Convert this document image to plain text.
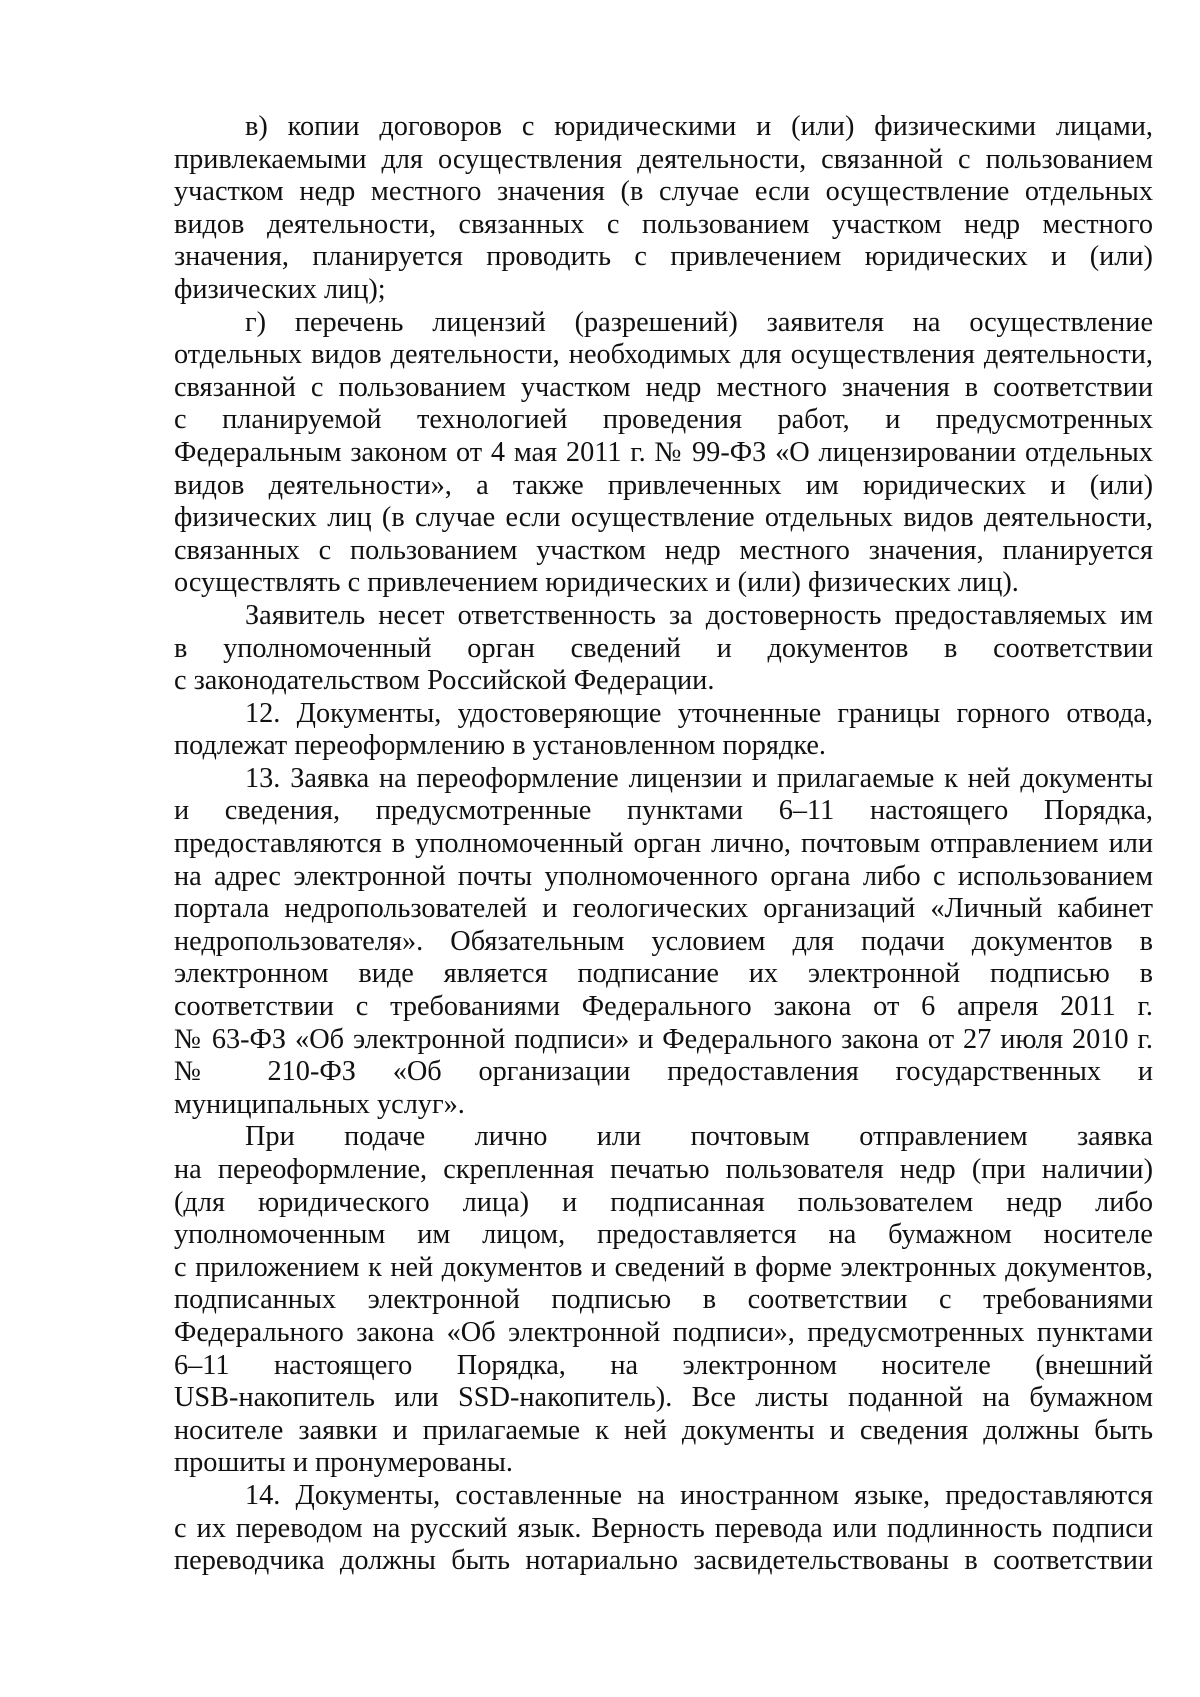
в) копии договоров с юридическими и (или) физическими лицами,
привлекаемыми для осуществления деятельности, связанной с пользованием
участком недр местного значения (в случае если осуществление отдельных
видов деятельности, связанных с пользованием участком недр местного
значения, планируется проводить с привлечением юридических и (или)
физических лиц);
г) перечень лицензий (разрешений) заявителя на осуществление
отдельных видов деятельности, необходимых для осуществления деятельности,
связанной с пользованием участком недр местного значения в соответствии
с планируемой технологией проведения работ, и предусмотренных
Федеральным законом от 4 мая 2011 г. № 99-ФЗ «О лицензировании отдельных
видов деятельности», а также привлеченных им юридических и (или)
физических лиц (в случае если осуществление отдельных видов деятельности,
связанных с пользованием участком недр местного значения, планируется
осуществлять с привлечением юридических и (или) физических лиц).
Заявитель несет ответственность за достоверность предоставляемых им
в уполномоченный орган сведений и документов в соответствии
с законодательством Российской Федерации.
12. Документы, удостоверяющие уточненные границы горного отвода,
подлежат переоформлению в установленном порядке.
13. Заявка на переоформление лицензии и прилагаемые к ней документы
и сведения, предусмотренные пунктами 6–11 настоящего Порядка,
предоставляются в уполномоченный орган лично, почтовым отправлением или
на адрес электронной почты уполномоченного органа либо с использованием
портала недропользователей и геологических организаций «Личный кабинет
недропользователя». Обязательным условием для подачи документов в
электронном виде является подписание их электронной подписью в
соответствии с требованиями Федерального закона от 6 апреля 2011 г.
№ 63-ФЗ «Об электронной подписи» и Федерального закона от 27 июля 2010 г.
№ 210-ФЗ «Об организации предоставления государственных и
муниципальных услуг».
При подаче лично или почтовым отправлением заявка
на переоформление, скрепленная печатью пользователя недр (при наличии)
(для юридического лица) и подписанная пользователем недр либо
уполномоченным им лицом, предоставляется на бумажном носителе
с приложением к ней документов и сведений в форме электронных документов,
подписанных электронной подписью в соответствии с требованиями
Федерального закона «Об электронной подписи», предусмотренных пунктами
6–11 настоящего Порядка, на электронном носителе (внешний
USB-накопитель или SSD-накопитель). Все листы поданной на бумажном
носителе заявки и прилагаемые к ней документы и сведения должны быть
прошиты и пронумерованы.
14. Документы, составленные на иностранном языке, предоставляются
с их переводом на русский язык. Верность перевода или подлинность подписи
переводчика должны быть нотариально засвидетельствованы в соответствии
